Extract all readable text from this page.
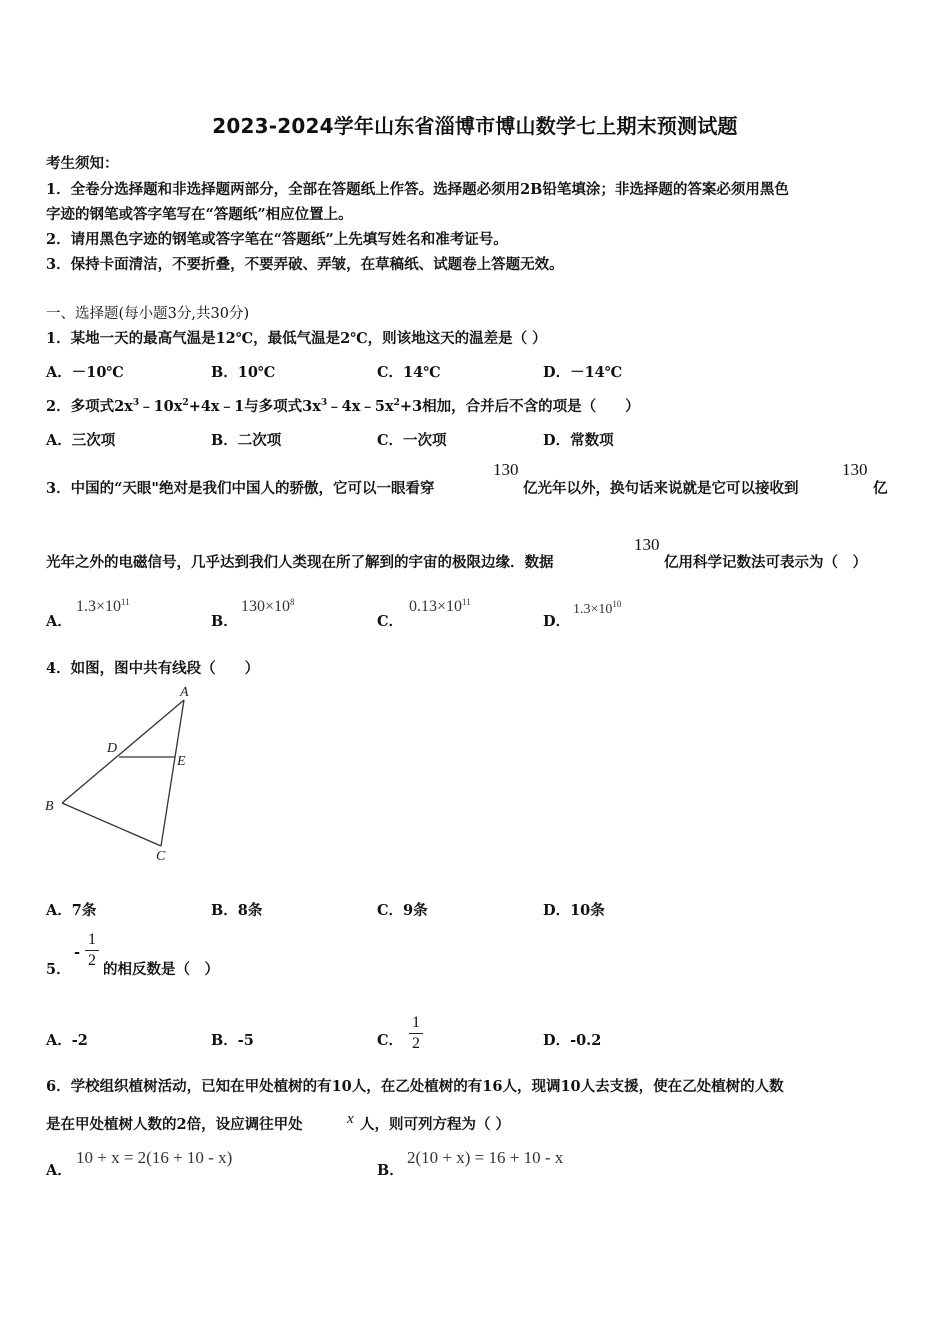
2023-2024学年山东省淄博市博山数学七上期末预测试题
考生须知：
1．全卷分选择题和非选择题两部分，全部在答题纸上作答。选择题必须用2B铅笔填涂；非选择题的答案必须用黑色
字迹的钢笔或答字笔写在“答题纸”相应位置上。
2．请用黑色字迹的钢笔或答字笔在“答题纸”上先填写姓名和准考证号。
3．保持卡面清洁，不要折叠，不要弄破、弄皱，在草稿纸、试题卷上答题无效。
一、选择题(每小题3分,共30分)
1．某地一天的最高气温是12℃，最低气温是2℃，则该地这天的温差是（ ）
A．－10℃	B．10℃	C．14℃	D．－14℃
2．多项式$2x^3﹣10x^2+4x﹣1$与多项式$3x^3﹣4x﹣5x^2+3$相加，合并后不含的项是（　　）
A．三次项	B．二次项	C．一次项	D．常数项
3．中国的“天眼"绝对是我们中国人的骄傲，它可以一眼看穿
130
亿光年以外，换句话来说就是它可以接收到
130
亿
光年之外的电磁信号，几乎达到我们人类现在所了解到的宇宙的极限边缘．数据
130
亿用科学记数法可表示为（　）
A．
$1.3\times 10^{11}$
B．
$130\times 10^8$
C．
$0.13\times 10^{11}$
D．
$1.3\times 10^{10}$
4．如图，图中共有线段（　　）
A
D
E
B
C
A．7条	B．8条	C．9条	D．10条
5．
-
1
2
的相反数是（　）
A．-2	B．-5	C．
1
2	D．-0.2
6．学校组织植树活动，已知在甲处植树的有10人，在乙处植树的有16人，现调10人去支援，使在乙处植树的人数
是在甲处植树人数的2倍，设应调往甲处	x 人，则可列方程为（ ）
A．
10 + x = 2(16 + 10 - x)
B．
2(10 + x) = 16 + 10 - x
